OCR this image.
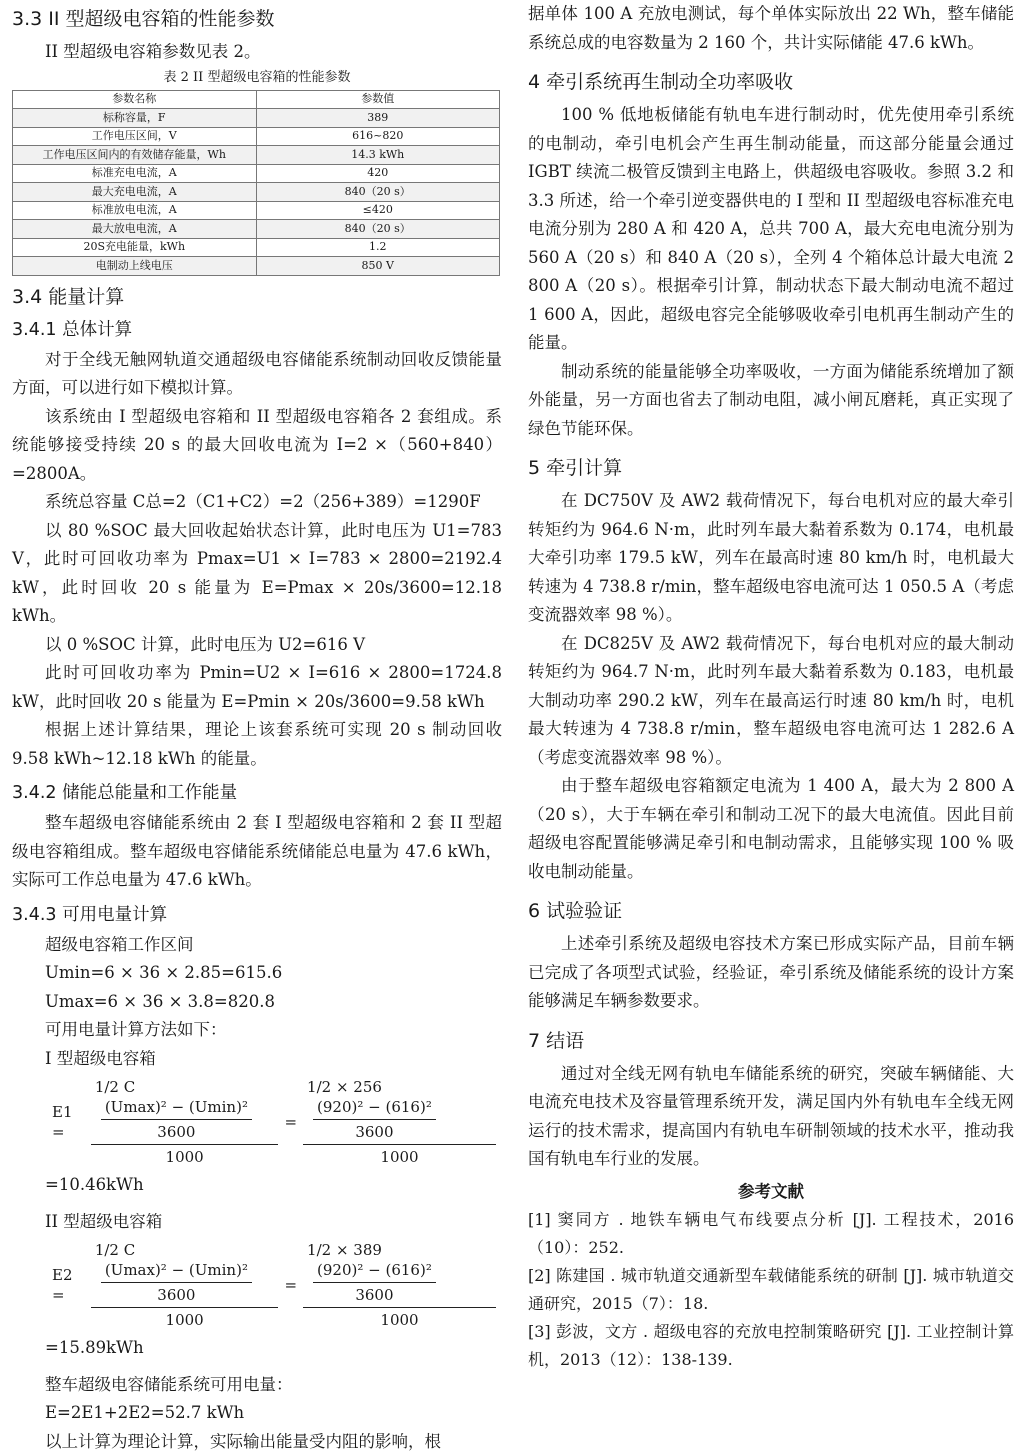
3.3 II 型超级电容箱的性能参数

II 型超级电容箱参数见表 2。

表 2 II 型超级电容箱的性能参数
参数名称	参数值
标称容量，F	389
工作电压区间，V	616~820
工作电压区间内的有效储存能量，Wh	14.3 kWh
标准充电电流，A	420
最大充电电流，A	840（20 s）
标准放电电流，A	≤420
最大放电电流，A	840（20 s）
20S充电能量，kWh	1.2
电制动上线电压	850 V
3.4 能量计算
3.4.1 总体计算

对于全线无触网轨道交通超级电容储能系统制动回收反馈能量方面，可以进行如下模拟计算。

该系统由 I 型超级电容箱和 II 型超级电容箱各 2 套组成。系统能够接受持续 20 s 的最大回收电流为 I=2 ×（560+840）=2800A。

系统总容量 C总=2（C1+C2）=2（256+389）=1290F

以 80 %SOC 最大回收起始状态计算，此时电压为 U1=783 V，此时可回收功率为 Pmax=U1 × I=783 × 2800=2192.4 kW，此时回收 20 s 能量为 E=Pmax × 20s/3600=12.18 kWh。

以 0 %SOC 计算，此时电压为 U2=616 V

此时可回收功率为 Pmin=U2 × I=616 × 2800=1724.8 kW，此时回收 20 s 能量为 E=Pmin × 20s/3600=9.58 kWh

根据上述计算结果，理论上该套系统可实现 20 s 制动回收 9.58 kWh~12.18 kWh 的能量。

3.4.2 储能总能量和工作能量

整车超级电容储能系统由 2 套 I 型超级电容箱和 2 套 II 型超级电容箱组成。整车超级电容储能系统储能总电量为 47.6 kWh，实际可工作总电量为 47.6 kWh。

3.4.3 可用电量计算

超级电容箱工作区间

Umin=6 × 36 × 2.85=615.6

Umax=6 × 36 × 3.8=820.8

可用电量计算方法如下：

I 型超级电容箱

E1 =	1/2 C
$\frac{\text{(Umax)² − (Umin)²}}{3600}$
1000 = 1/2 × 256
$\frac{\text{(920)² − (616)²}}{3600}$
1000

=10.46kWh

II 型超级电容箱

E2 =	1/2 C
$\frac{\text{(Umax)² − (Umin)²}}{3600}$
1000 = 1/2 × 389
$\frac{\text{(920)² − (616)²}}{3600}$
1000

=15.89kWh

整车超级电容储能系统可用电量：

E=2E1+2E2=52.7 kWh

以上计算为理论计算，实际输出能量受内阻的影响，根

据单体 100 A 充放电测试，每个单体实际放出 22 Wh，整车储能系统总成的电容数量为 2 160 个，共计实际储能 47.6 kWh。

4 牵引系统再生制动全功率吸收

100 % 低地板储能有轨电车进行制动时，优先使用牵引系统的电制动，牵引电机会产生再生制动能量，而这部分能量会通过 IGBT 续流二极管反馈到主电路上，供超级电容吸收。参照 3.2 和 3.3 所述，给一个牵引逆变器供电的 I 型和 II 型超级电容标准充电电流分别为 280 A 和 420 A，总共 700 A，最大充电电流分别为 560 A（20 s）和 840 A（20 s），全列 4 个箱体总计最大电流 2 800 A（20 s）。根据牵引计算，制动状态下最大制动电流不超过 1 600 A，因此，超级电容完全能够吸收牵引电机再生制动产生的能量。

制动系统的能量能够全功率吸收，一方面为储能系统增加了额外能量，另一方面也省去了制动电阻，减小闸瓦磨耗，真正实现了绿色节能环保。

5 牵引计算

在 DC750V 及 AW2 载荷情况下，每台电机对应的最大牵引转矩约为 964.6 N·m，此时列车最大黏着系数为 0.174，电机最大牵引功率 179.5 kW，列车在最高时速 80 km/h 时，电机最大转速为 4 738.8 r/min，整车超级电容电流可达 1 050.5 A（考虑变流器效率 98 %）。

在 DC825V 及 AW2 载荷情况下，每台电机对应的最大制动转矩约为 964.7 N·m，此时列车最大黏着系数为 0.183，电机最大制动功率 290.2 kW，列车在最高运行时速 80 km/h 时，电机最大转速为 4 738.8 r/min，整车超级电容电流可达 1 282.6 A（考虑变流器效率 98 %）。

由于整车超级电容箱额定电流为 1 400 A，最大为 2 800 A（20 s），大于车辆在牵引和制动工况下的最大电流值。因此目前超级电容配置能够满足牵引和电制动需求，且能够实现 100 % 吸收电制动能量。

6 试验验证

上述牵引系统及超级电容技术方案已形成实际产品，目前车辆已完成了各项型式试验，经验证，牵引系统及储能系统的设计方案能够满足车辆参数要求。

7 结语

通过对全线无网有轨电车储能系统的研究，突破车辆储能、大电流充电技术及容量管理系统开发，满足国内外有轨电车全线无网运行的技术需求，提高国内有轨电车研制领域的技术水平，推动我国有轨电车行业的发展。

参考文献

[1] 窦同方 . 地铁车辆电气布线要点分析 [J]. 工程技术，2016（10）：252.

[2] 陈建国 . 城市轨道交通新型车载储能系统的研制 [J]. 城市轨道交通研究，2015（7）：18.

[3] 彭波，文方 . 超级电容的充放电控制策略研究 [J]. 工业控制计算机，2013（12）：138-139.
